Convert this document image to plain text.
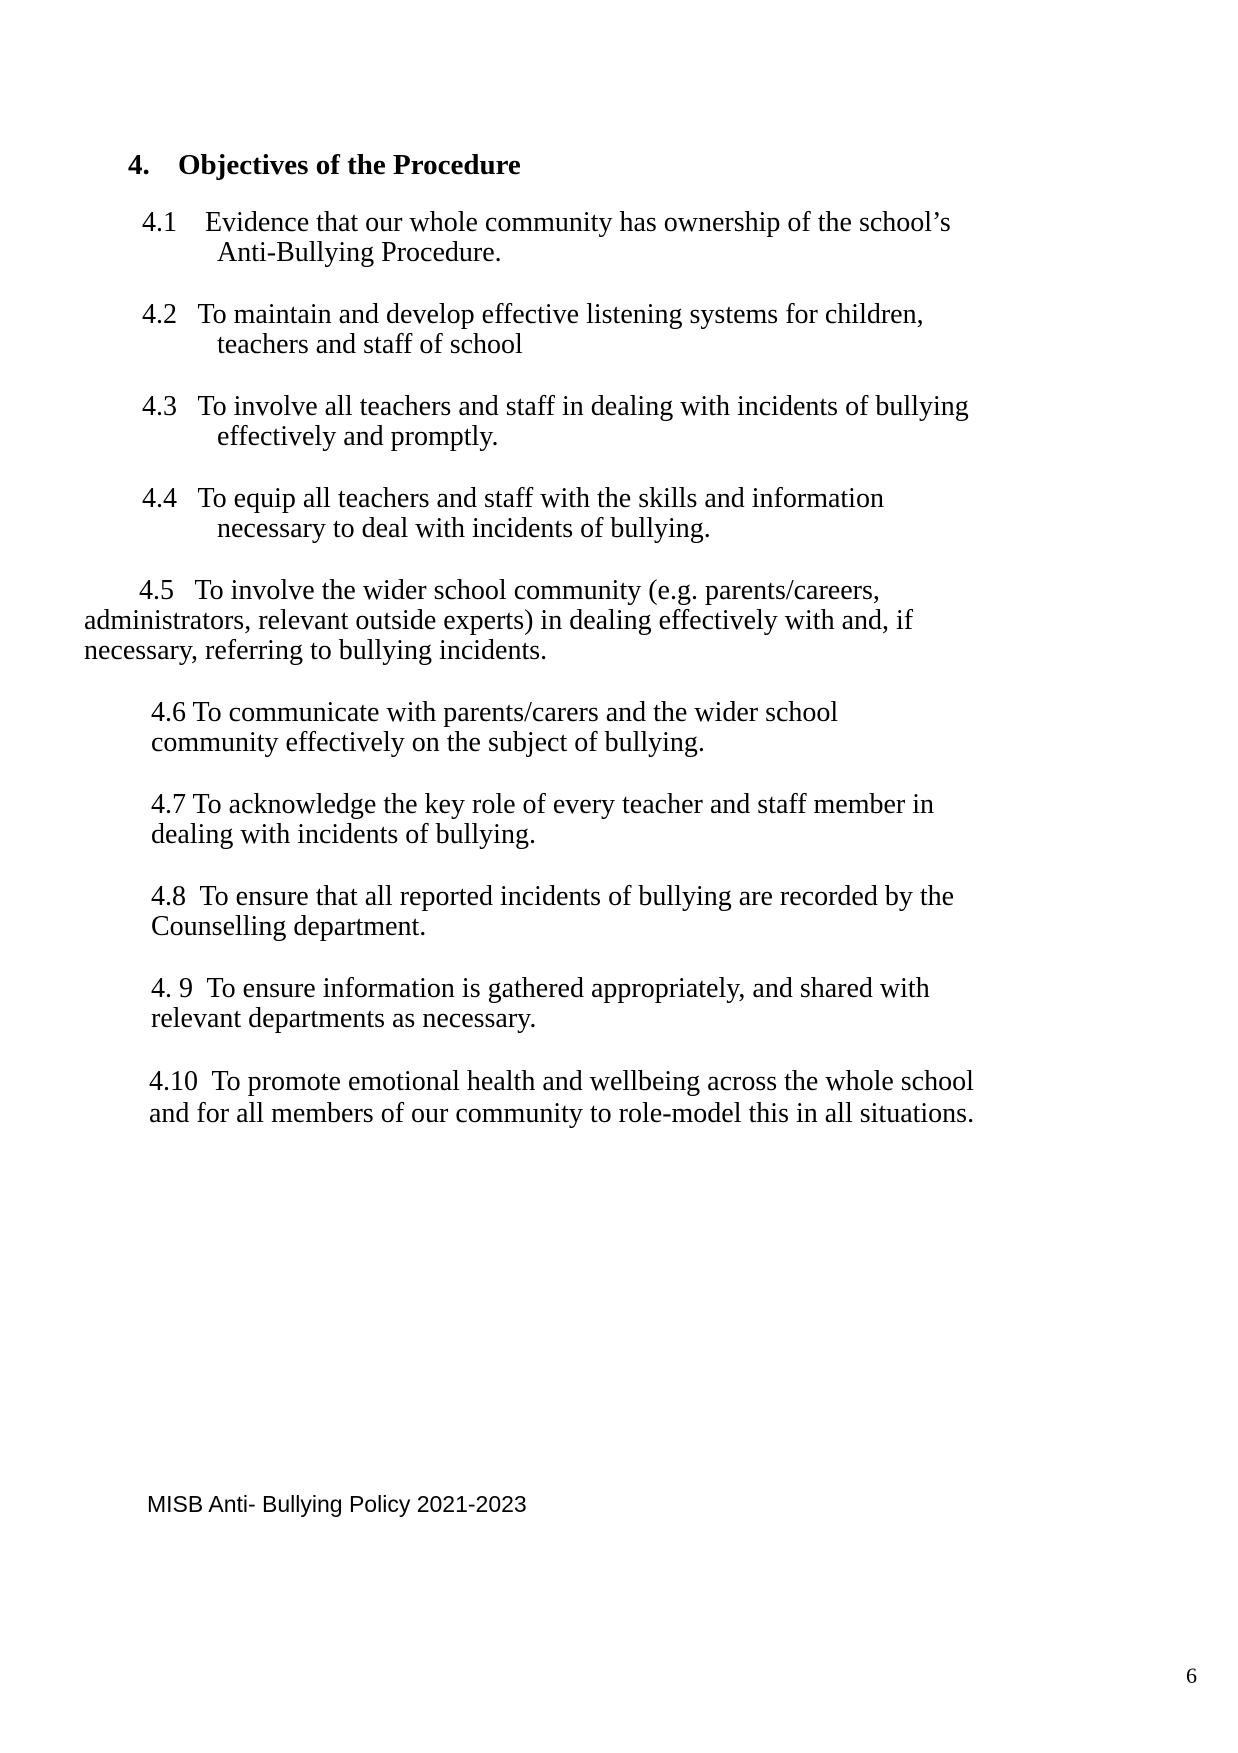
4. Objectives of the Procedure
4.1    Evidence that our whole community has ownership of the school’s
Anti-Bullying Procedure.
4.2   To maintain and develop effective listening systems for children,
teachers and staff of school
4.3   To involve all teachers and staff in dealing with incidents of bullying
effectively and promptly.
4.4   To equip all teachers and staff with the skills and information
necessary to deal with incidents of bullying.
4.5   To involve the wider school community (e.g. parents/careers,
administrators, relevant outside experts) in dealing effectively with and, if
necessary, referring to bullying incidents.
4.6 To communicate with parents/carers and the wider school
community effectively on the subject of bullying.
4.7 To acknowledge the key role of every teacher and staff member in
dealing with incidents of bullying.
4.8  To ensure that all reported incidents of bullying are recorded by the
Counselling department.
4. 9  To ensure information is gathered appropriately, and shared with
relevant departments as necessary.
4.10  To promote emotional health and wellbeing across the whole school
and for all members of our community to role-model this in all situations.
MISB Anti- Bullying Policy 2021-2023
6
